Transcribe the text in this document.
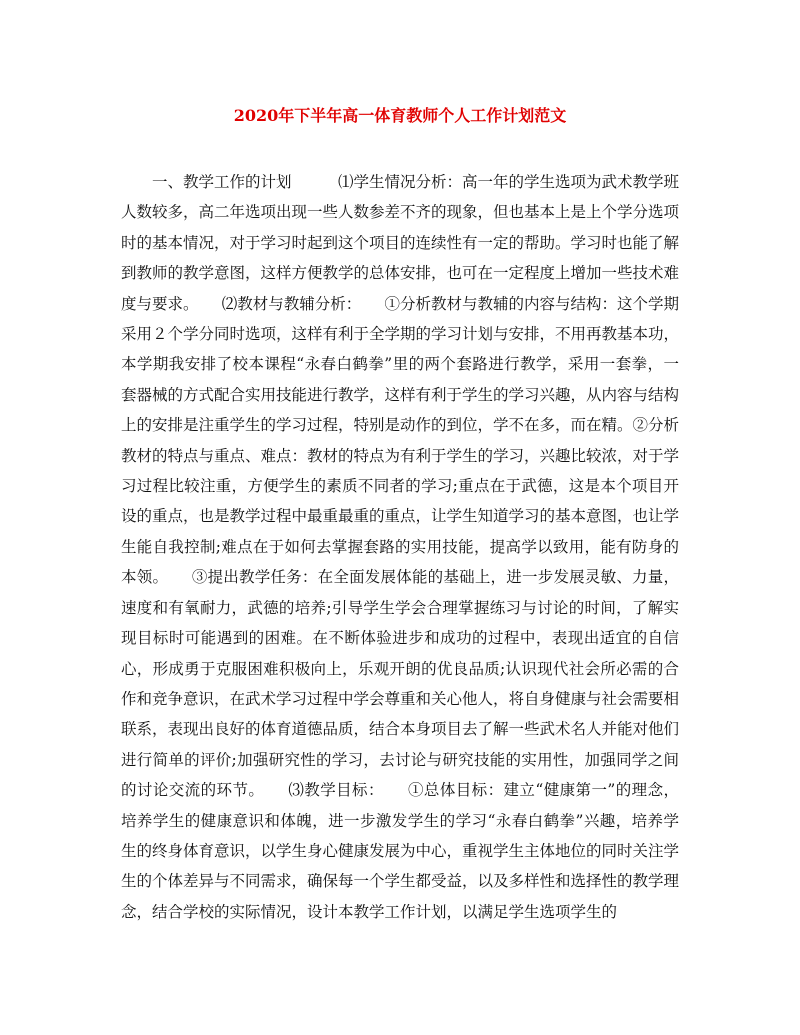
2020年下半年高一体育教师个人工作计划范文

一、教学工作的计划　　　⑴学生情况分析：高一年的学生选项为武术教学班人数较多，高二年选项出现一些人数参差不齐的现象，但也基本上是上个学分选项时的基本情况，对于学习时起到这个项目的连续性有一定的帮助。学习时也能了解到教师的教学意图，这样方便教学的总体安排，也可在一定程度上增加一些技术难度与要求。　　⑵教材与教辅分析：　　①分析教材与教辅的内容与结构：这个学期采用２个学分同时选项，这样有利于全学期的学习计划与安排，不用再教基本功，本学期我安排了校本课程“永春白鹤拳”里的两个套路进行教学，采用一套拳，一套器械的方式配合实用技能进行教学，这样有利于学生的学习兴趣，从内容与结构上的安排是注重学生的学习过程，特别是动作的到位，学不在多，而在精。②分析教材的特点与重点、难点：教材的特点为有利于学生的学习，兴趣比较浓，对于学习过程比较注重，方便学生的素质不同者的学习;重点在于武德，这是本个项目开设的重点，也是教学过程中最重最重的重点，让学生知道学习的基本意图，也让学生能自我控制;难点在于如何去掌握套路的实用技能，提高学以致用，能有防身的本领。　　③提出教学任务：在全面发展体能的基础上，进一步发展灵敏、力量，速度和有氧耐力，武德的培养;引导学生学会合理掌握练习与讨论的时间，了解实现目标时可能遇到的困难。在不断体验进步和成功的过程中，表现出适宜的自信心，形成勇于克服困难积极向上，乐观开朗的优良品质;认识现代社会所必需的合作和竞争意识，在武术学习过程中学会尊重和关心他人，将自身健康与社会需要相联系，表现出良好的体育道德品质，结合本身项目去了解一些武术名人并能对他们进行简单的评价;加强研究性的学习，去讨论与研究技能的实用性，加强同学之间的讨论交流的环节。　　⑶教学目标：　　①总体目标：建立“健康第一”的理念，培养学生的健康意识和体魄，进一步激发学生的学习“永春白鹤拳”兴趣，培养学生的终身体育意识，以学生身心健康发展为中心，重视学生主体地位的同时关注学生的个体差异与不同需求，确保每一个学生都受益，以及多样性和选择性的教学理念，结合学校的实际情况，设计本教学工作计划，以满足学生选项学生的
